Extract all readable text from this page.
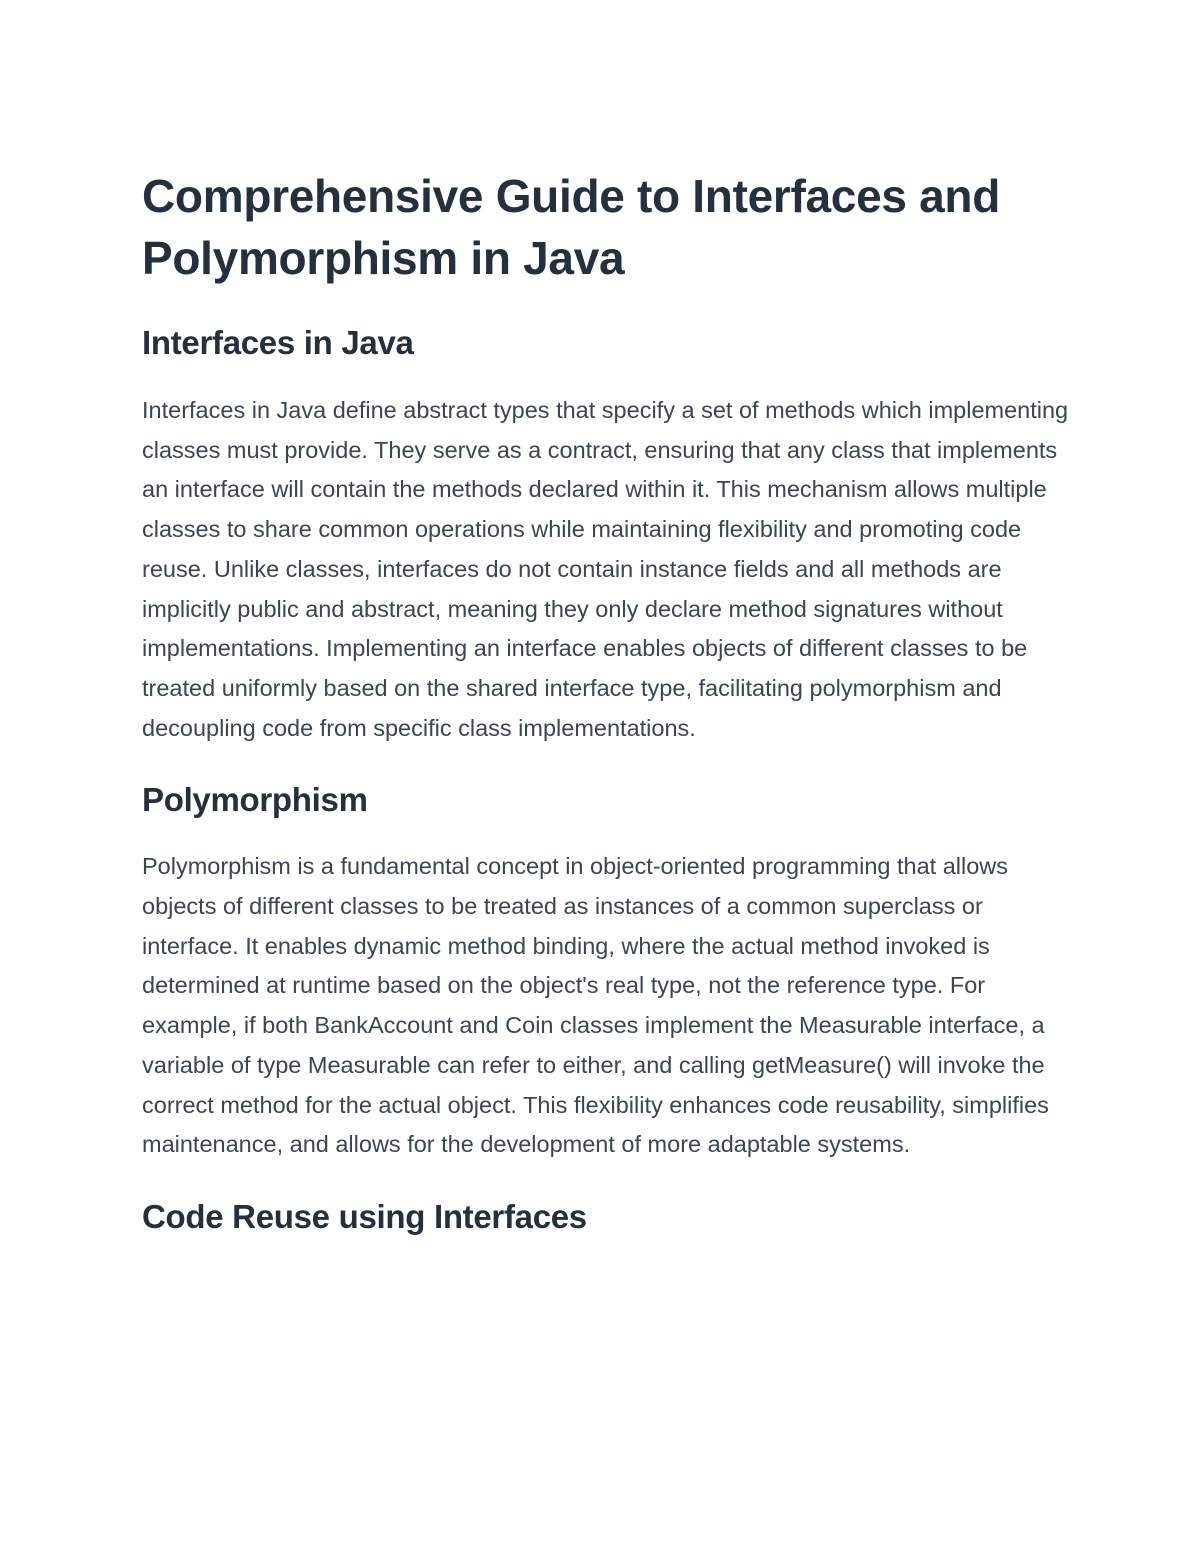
Comprehensive Guide to Interfaces and Polymorphism in Java
Interfaces in Java

Interfaces in Java define abstract types that specify a set of methods which implementing classes must provide. They serve as a contract, ensuring that any class that implements an interface will contain the methods declared within it. This mechanism allows multiple classes to share common operations while maintaining flexibility and promoting code reuse. Unlike classes, interfaces do not contain instance fields and all methods are implicitly public and abstract, meaning they only declare method signatures without implementations. Implementing an interface enables objects of different classes to be treated uniformly based on the shared interface type, facilitating polymorphism and decoupling code from specific class implementations.

Polymorphism

Polymorphism is a fundamental concept in object-oriented programming that allows objects of different classes to be treated as instances of a common superclass or interface. It enables dynamic method binding, where the actual method invoked is determined at runtime based on the object's real type, not the reference type. For example, if both BankAccount and Coin classes implement the Measurable interface, a variable of type Measurable can refer to either, and calling getMeasure() will invoke the correct method for the actual object. This flexibility enhances code reusability, simplifies maintenance, and allows for the development of more adaptable systems.

Code Reuse using Interfaces
